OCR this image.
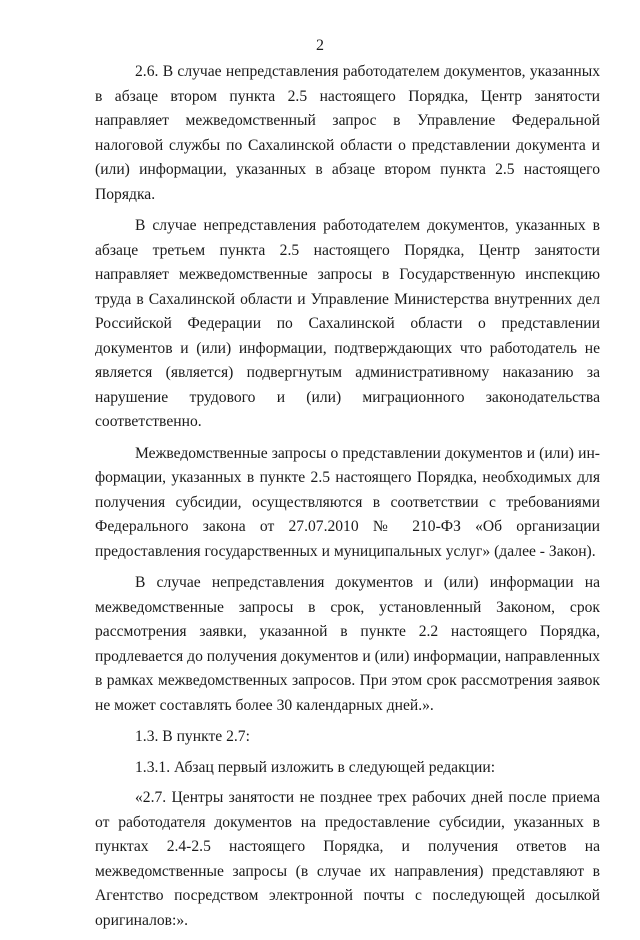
2

2.6. В случае непредставления работодателем документов, указанных в абзаце втором пункта 2.5 настоящего Порядка, Центр занятости направляет межведомственный запрос в Управление Федеральной налоговой службы по Сахалинской области о представлении документа и (или) информации, указанных в абзаце втором пункта 2.5 настоящего Порядка.

В случае непредставления работодателем документов, указанных в абзаце третьем пункта 2.5 настоящего Порядка, Центр занятости направляет межведомственные запросы в Государственную инспекцию труда в Сахалинской области и Управление Министерства внутренних дел Российской Федерации по Сахалинской области о представлении документов и (или) информации, подтверждающих что работодатель не является (является) подвергнутым административному наказанию за нарушение трудового и (или) миграционного законодательства соответственно.

Межведомственные запросы о представлении документов и (или) информации, указанных в пункте 2.5 настоящего Порядка, необходимых для получения субсидии, осуществляются в соответствии с требованиями Федерального закона от 27.07.2010 № 210-ФЗ «Об организации предоставления государственных и муниципальных услуг» (далее - Закон).

В случае непредставления документов и (или) информации на межведомственные запросы в срок, установленный Законом, срок рассмотрения заявки, указанной в пункте 2.2 настоящего Порядка, продлевается до получения документов и (или) информации, направленных в рамках межведомственных запросов. При этом срок рассмотрения заявок не может составлять более 30 календарных дней.».

1.3. В пункте 2.7:

1.3.1. Абзац первый изложить в следующей редакции:

«2.7. Центры занятости не позднее трех рабочих дней после приема от работодателя документов на предоставление субсидии, указанных в пунктах 2.4-2.5 настоящего Порядка, и получения ответов на межведомственные запросы (в случае их направления) представляют в Агентство посредством электронной почты с последующей досылкой оригиналов:».
